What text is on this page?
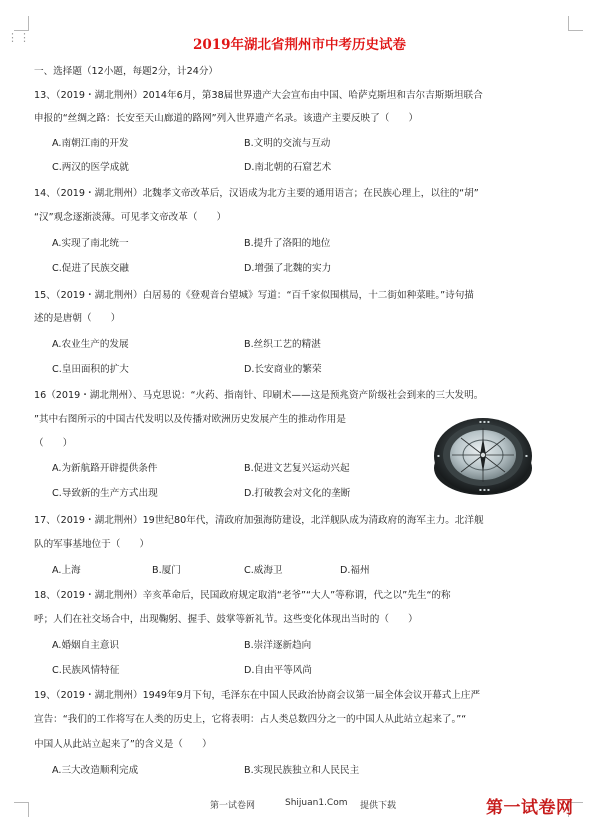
⋮⋮	2019年湖北省荆州市中考历史试卷
一、选择题（12小题，每题2分，计24分）
13、（2019・湖北荆州）2014年6月，第38届世界遗产大会宣布由中国、哈萨克斯坦和吉尔吉斯斯坦联合
申报的“丝绸之路：长安至天山廊道的路网”列入世界遗产名录。该遗产主要反映了（　　）
A.南朝江南的开发	B.文明的交流与互动
C.两汉的医学成就	D.南北朝的石窟艺术
14、（2019・湖北荆州）北魏孝文帝改革后，汉语成为北方主要的通用语言；在民族心理上，以往的“胡”
“汉”观念逐渐淡薄。可见孝文帝改革（　　）
A.实现了南北统一	B.提升了洛阳的地位
C.促进了民族交融	D.增强了北魏的实力
15、（2019・湖北荆州）白居易的《登观音台望城》写道：“百千家似围棋局，十二街如种菜畦。”诗句描
述的是唐朝（　　）
A.农业生产的发展	B.丝织工艺的精湛
C.皇田面积的扩大	D.长安商业的繁荣
16（2019・湖北荆州）、马克思说：“火药、指南针、印刷术——这是预兆资产阶级社会到来的三大发明。
”其中右图所示的中国古代发明以及传播对欧洲历史发展产生的推动作用是
（　　）
A.为新航路开辟提供条件	B.促进文艺复兴运动兴起
C.导致新的生产方式出现	D.打破教会对文化的垄断
▪ ▪ ▪
▪ ▪ ▪
▪	▪
17、（2019・湖北荆州）19世纪80年代，清政府加强海防建设，北洋舰队成为清政府的海军主力。北洋舰
队的军事基地位于（　　）
A.上海	B.厦门	C.威海卫	D.福州
18、（2019・湖北荆州）辛亥革命后，民国政府规定取消“老爷”“大人”等称谓，代之以”先生“的称
呼；人们在社交场合中，出现鞠躬、握手、鼓掌等新礼节。这些变化体现出当时的（　　）
A.婚姻自主意识	B.崇洋逐新趋向
C.民族风情特征	D.自由平等风尚
19、（2019・湖北荆州）1949年9月下旬，毛泽东在中国人民政治协商会议第一届全体会议开幕式上庄严
宣告：“我们的工作将写在人类的历史上，它将表明：占人类总数四分之一的中国人从此站立起来了。”“
中国人从此站立起来了”的含义是（　　）
A.三大改造顺利完成	B.实现民族独立和人民民主
第一试卷网	Shijuan1.Com 提供下载	第一试卷网
